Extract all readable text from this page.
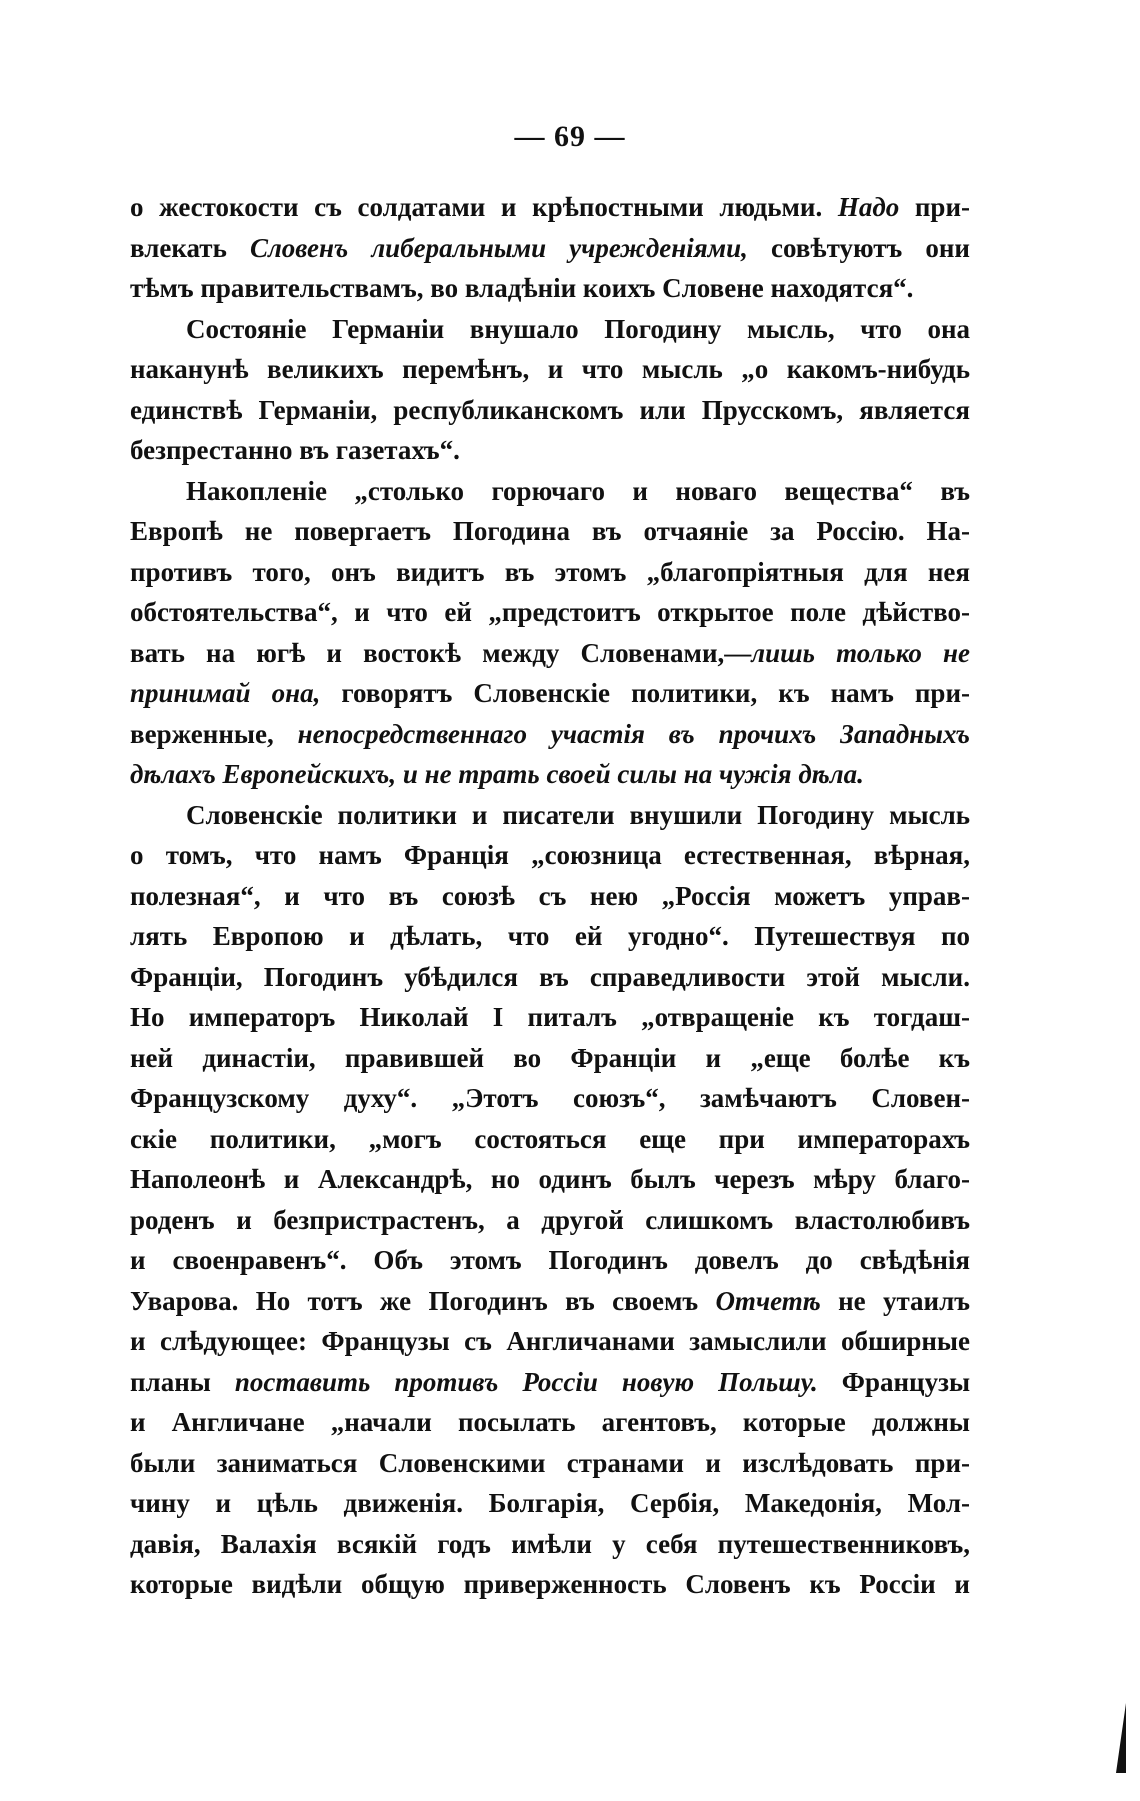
— 69 —
о жестокости съ солдатами и крѣпостными людьми. Надо при-
влекать Словенъ либеральными учрежденіями, совѣтуютъ они
тѣмъ правительствамъ, во владѣніи коихъ Словене находятся“.
Состояніе Германіи внушало Погодину мысль, что она
наканунѣ великихъ перемѣнъ, и что мысль „о какомъ-нибудь
единствѣ Германіи, республиканскомъ или Прусскомъ, является
безпрестанно въ газетахъ“.
Накопленіе „столько горючаго и новаго вещества“ въ
Европѣ не повергаетъ Погодина въ отчаяніе за Россію. На-
противъ того, онъ видитъ въ этомъ „благопріятныя для нея
обстоятельства“, и что ей „предстоитъ открытое поле дѣйство-
вать на югѣ и востокѣ между Словенами,—лишь только не
принимай она, говорятъ Словенскіе политики, къ намъ при-
верженные, непосредственнаго участія въ прочихъ Западныхъ
дѣлахъ Европейскихъ, и не трать своей силы на чужія дѣла.
Словенскіе политики и писатели внушили Погодину мысль
о томъ, что намъ Франція „союзница естественная, вѣрная,
полезная“, и что въ союзѣ съ нею „Россія можетъ управ-
лять Европою и дѣлать, что ей угодно“. Путешествуя по
Франціи, Погодинъ убѣдился въ справедливости этой мысли.
Но императоръ Николай I питалъ „отвращеніе къ тогдаш-
ней династіи, правившей во Франціи и „еще болѣе къ
Французскому духу“. „Этотъ союзъ“, замѣчаютъ Словен-
скіе политики, „могъ состояться еще при императорахъ
Наполеонѣ и Александрѣ, но одинъ былъ черезъ мѣру благо-
роденъ и безпристрастенъ, а другой слишкомъ властолюбивъ
и своенравенъ“. Объ этомъ Погодинъ довелъ до свѣдѣнія
Уварова. Но тотъ же Погодинъ въ своемъ Отчетѣ не утаилъ
и слѣдующее: Французы съ Англичанами замыслили обширные
планы поставить противъ Россіи новую Польшу. Французы
и Англичане „начали посылать агентовъ, которые должны
были заниматься Словенскими странами и изслѣдовать при-
чину и цѣль движенія. Болгарія, Сербія, Македонія, Мол-
давія, Валахія всякій годъ имѣли у себя путешественниковъ,
которые видѣли общую приверженность Словенъ къ Россіи и
